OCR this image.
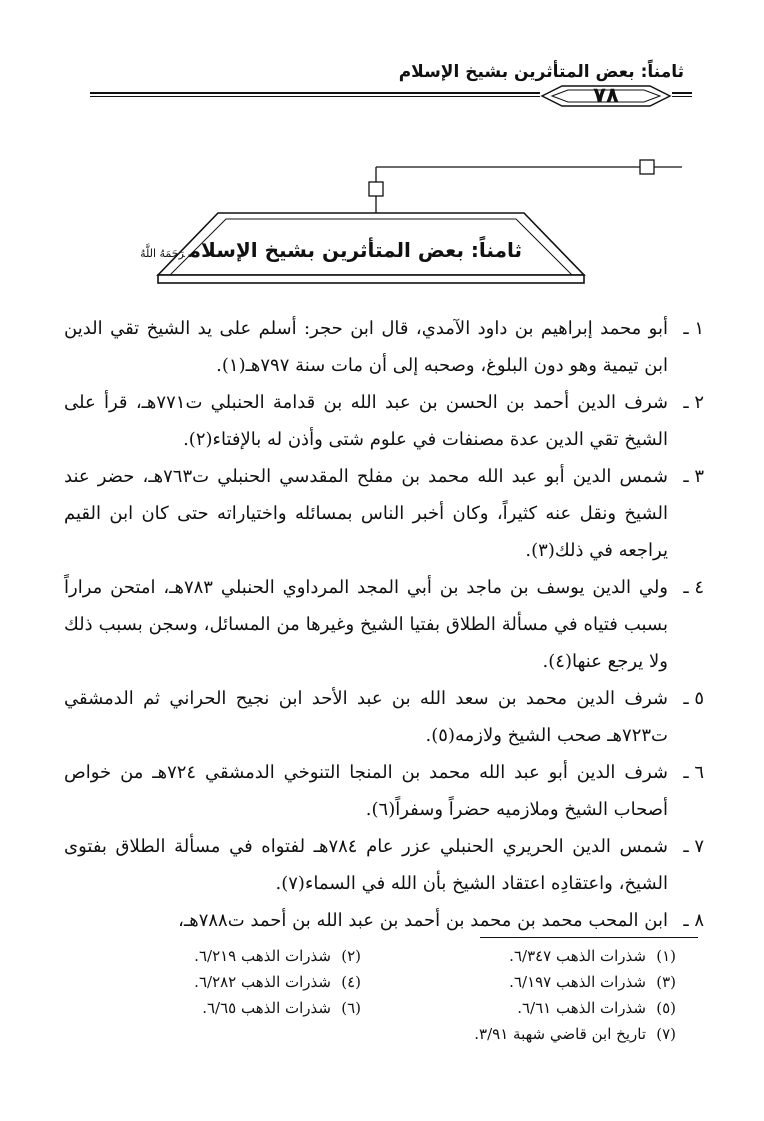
ثامناً: بعض المتأثرين بشيخ الإسلام
٧٨
ثامناً: بعض المتأثرين بشيخ الإسلامرَحَمَهُ اللَّهُ

١ ـ
أبو محمد إبراهيم بن داود الآمدي، قال ابن حجر: أسلم على يد الشيخ تقي الدين ابن تيمية وهو دون البلوغ، وصحبه إلى أن مات سنة ٧٩٧هـ(١).

٢ ـ
شرف الدين أحمد بن الحسن بن عبد الله بن قدامة الحنبلي ت٧٧١هـ، قرأ على الشيخ تقي الدين عدة مصنفات في علوم شتى وأذن له بالإفتاء(٢).

٣ ـ
شمس الدين أبو عبد الله محمد بن مفلح المقدسي الحنبلي ت٧٦٣هـ، حضر عند الشيخ ونقل عنه كثيراً، وكان أخبر الناس بمسائله واختياراته حتى كان ابن القيم يراجعه في ذلك(٣).

٤ ـ
ولي الدين يوسف بن ماجد بن أبي المجد المرداوي الحنبلي ٧٨٣هـ، امتحن مراراً بسبب فتياه في مسألة الطلاق بفتيا الشيخ وغيرها من المسائل، وسجن بسبب ذلك ولا يرجع عنها(٤).

٥ ـ
شرف الدين محمد بن سعد الله بن عبد الأحد ابن نجيح الحراني ثم الدمشقي ت٧٢٣هـ صحب الشيخ ولازمه(٥).

٦ ـ
شرف الدين أبو عبد الله محمد بن المنجا التنوخي الدمشقي ٧٢٤هـ من خواص أصحاب الشيخ وملازميه حضراً وسفراً(٦).

٧ ـ
شمس الدين الحريري الحنبلي عزر عام ٧٨٤هـ لفتواه في مسألة الطلاق بفتوى الشيخ، واعتقادِه اعتقاد الشيخ بأن الله في السماء(٧).

٨ ـ
ابن المحب محمد بن محمد بن أحمد بن عبد الله بن أحمد ت٧٨٨هـ،

(١)شذرات الذهب ٦/٣٤٧.
(٢)شذرات الذهب ٦/٢١٩.
(٣)شذرات الذهب ٦/١٩٧.
(٤)شذرات الذهب ٦/٢٨٢.
(٥)شذرات الذهب ٦/٦١.
(٦)شذرات الذهب ٦/٦٥.
(٧)تاريخ ابن قاضي شهبة ٣/٩١.
